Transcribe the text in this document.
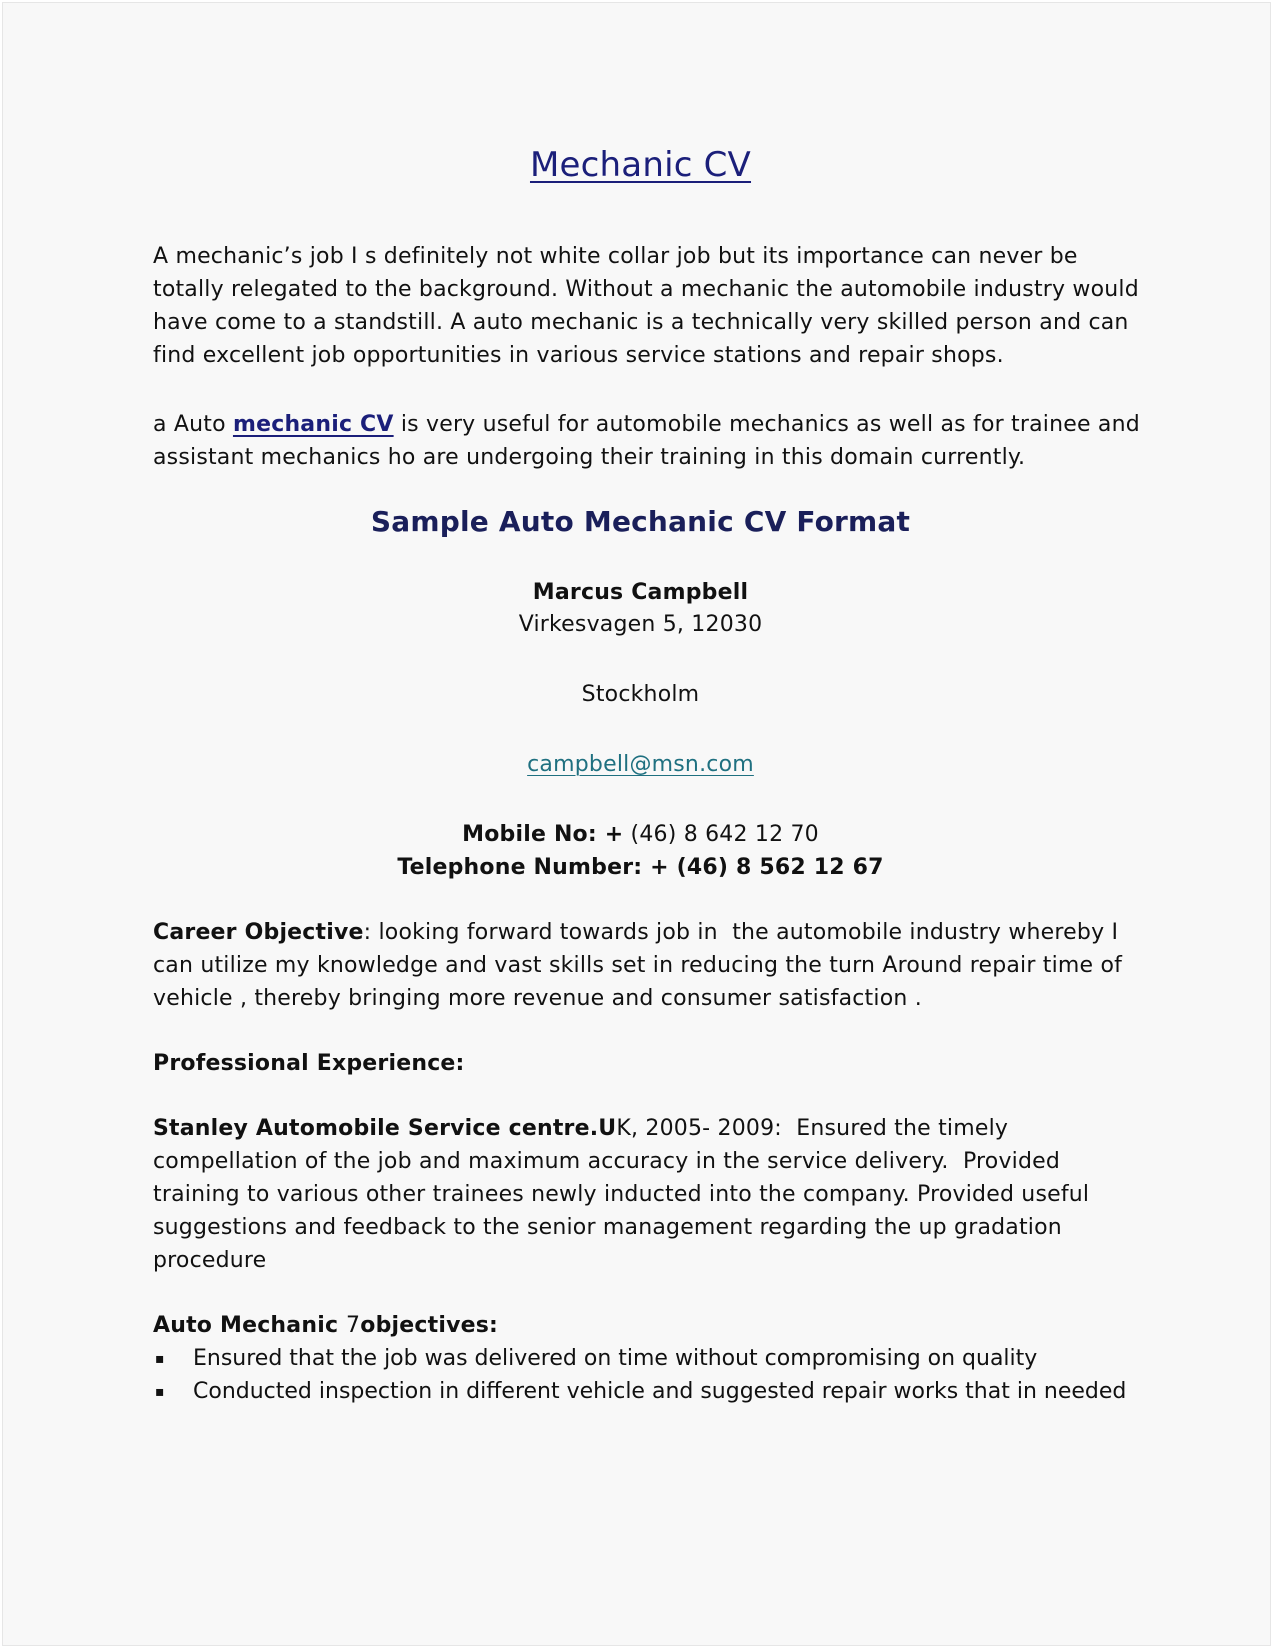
Mechanic CV
A mechanic’s job I s definitely not white collar job but its importance can never be
totally relegated to the background. Without a mechanic the automobile industry would
have come to a standstill. A auto mechanic is a technically very skilled person and can
find excellent job opportunities in various service stations and repair shops.
a Auto mechanic CV is very useful for automobile mechanics as well as for trainee and
assistant mechanics ho are undergoing their training in this domain currently.
Sample Auto Mechanic CV Format
Marcus Campbell
Virkesvagen 5, 12030
Stockholm
campbell@msn.com
Mobile No: + (46) 8 642 12 70
Telephone Number: + (46) 8 562 12 67
Career Objective: looking forward towards job in  the automobile industry whereby I
can utilize my knowledge and vast skills set in reducing the turn Around repair time of
vehicle , thereby bringing more revenue and consumer satisfaction .
Professional Experience:
Stanley Automobile Service centre.UK, 2005- 2009:  Ensured the timely
compellation of the job and maximum accuracy in the service delivery.  Provided
training to various other trainees newly inducted into the company. Provided useful
suggestions and feedback to the senior management regarding the up gradation
procedure
Auto Mechanic 7objectives:
▪ Ensured that the job was delivered on time without compromising on quality
▪ Conducted inspection in different vehicle and suggested repair works that in needed
